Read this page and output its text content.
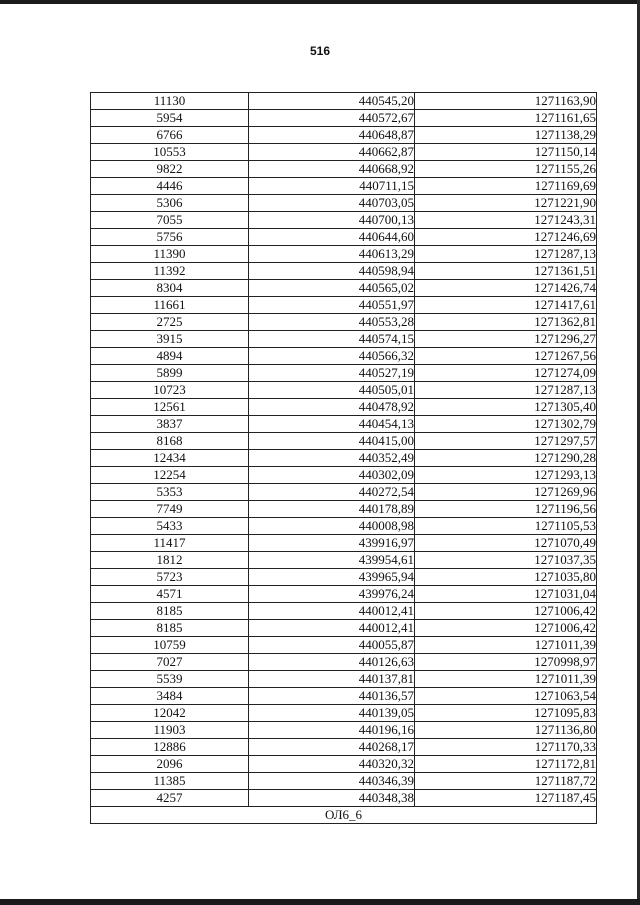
516
11130	440545,20	1271163,90
5954	440572,67	1271161,65
6766	440648,87	1271138,29
10553	440662,87	1271150,14
9822	440668,92	1271155,26
4446	440711,15	1271169,69
5306	440703,05	1271221,90
7055	440700,13	1271243,31
5756	440644,60	1271246,69
11390	440613,29	1271287,13
11392	440598,94	1271361,51
8304	440565,02	1271426,74
11661	440551,97	1271417,61
2725	440553,28	1271362,81
3915	440574,15	1271296,27
4894	440566,32	1271267,56
5899	440527,19	1271274,09
10723	440505,01	1271287,13
12561	440478,92	1271305,40
3837	440454,13	1271302,79
8168	440415,00	1271297,57
12434	440352,49	1271290,28
12254	440302,09	1271293,13
5353	440272,54	1271269,96
7749	440178,89	1271196,56
5433	440008,98	1271105,53
11417	439916,97	1271070,49
1812	439954,61	1271037,35
5723	439965,94	1271035,80
4571	439976,24	1271031,04
8185	440012,41	1271006,42
8185	440012,41	1271006,42
10759	440055,87	1271011,39
7027	440126,63	1270998,97
5539	440137,81	1271011,39
3484	440136,57	1271063,54
12042	440139,05	1271095,83
11903	440196,16	1271136,80
12886	440268,17	1271170,33
2096	440320,32	1271172,81
11385	440346,39	1271187,72
4257	440348,38	1271187,45
ОЛ6_6		
